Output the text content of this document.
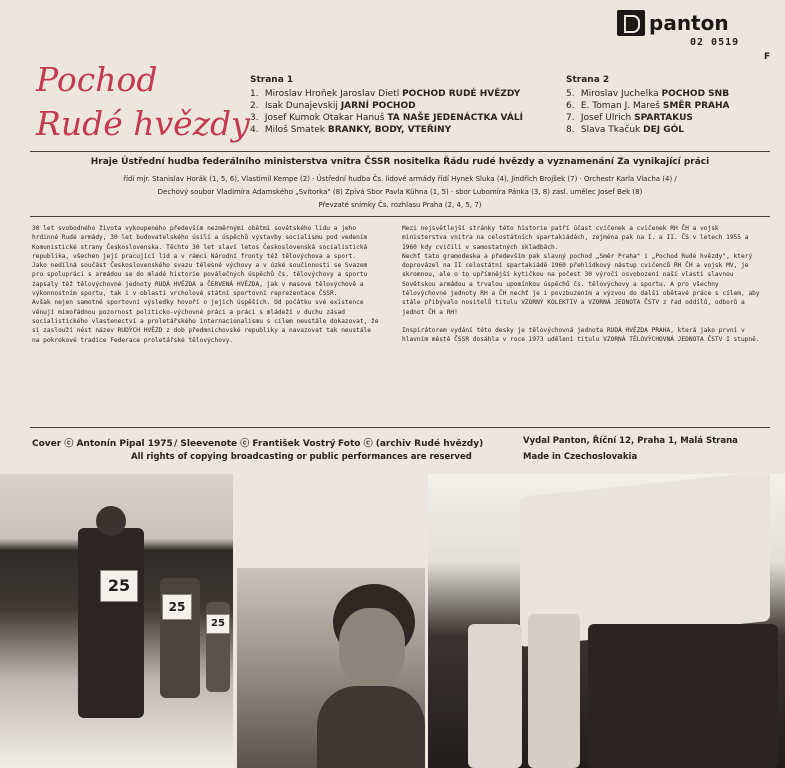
panton
02 0519
F
Pochod
Rudé hvězdy
Strana 1
1. Miroslav Hroňek Jaroslav Dietl POCHOD RUDÉ HVĚZDY
2. Isak Dunajevskij JARNÍ POCHOD
3. Josef Kumok Otakar Hanuš TA NAŠE JEDENÁCTKA VÁLÍ
4. Miloš Smatek BRANKY, BODY, VTEŘINY
Strana 2
5. Miroslav Juchelka POCHOD SNB
6. E. Toman J. Mareš SMĚR PRAHA
7. Josef Ulrich SPARTAKUS
8. Slava Tkačuk DEJ GÓL
Hraje Ústřední hudba federálního ministerstva vnitra ČSSR nositelka Řádu rudé hvězdy a vyznamenání Za vynikající práci
řídí mjr. Stanislav Horák (1, 5, 6), Vlastimil Kempe (2) · Ústřední hudba Čs. lidové armády řídí Hynek Sluka (4), Jindřich Brojšek (7) · Orchestr Karla Vlacha (4) /
Dechový soubor Vladimíra Adamského „Svitorka" (8) Zpívá Sbor Pavla Kühna (1, 5) · sbor Lubomíra Pánka (3, 8) zasl. umělec Josef Bek (8)
Převzaté snímky Čs. rozhlasu Praha (2, 4, 5, 7)

30 let svobodného života vykoupeného především nezměrnými obětmi sovětského lidu a jeho hrdinné Rudé armády, 30 let budovatelského úsilí a úspěchů výstavby socialismu pod vedením Komunistické strany Československa. Těchto 30 let slaví letos Československá socialistická republika, všechen její pracující lid a v rámci Národní fronty též tělovýchova a sport.

Jako nedílná součást Československého svazu tělesné výchovy a v úzké součinnosti se Svazem pro spolupráci s armádou se do mladé historie poválečných úspěchů čs. tělovýchovy a sportu zapsaly též tělovýchovné jednoty RUDÁ HVĚZDA a ČERVENÁ HVĚZDA, jak v masové tělovýchově a výkonnostním sportu, tak i v oblasti vrcholové státní sportovní reprezentace ČSSR.

Avšak nejen samotné sportovní výsledky hovoří o jejich úspěších. Od počátku své existence věnují mimořádnou pozornost politicko-výchovné práci a práci s mládeží v duchu zásad socialistického vlastenectví a proletářského internacionalismu s cílem neustále dokazovat, že si zaslouží nést název RUDÝCH HVĚZD z dob předmnichovské republiky a navazovat tak neustále na pokrokové tradice Federace proletářské tělovýchovy.

Mezi nejsvětlejší stránky této historie patří účast cvičenek a cvičenek RH ČH a vojsk ministerstva vnitra na celostátních spartakiádách, zejména pak na I. a II. ČS v letech 1955 a 1960 kdy cvičili v samostatných skladbách.

Nechť tato gramodeska a především pak slavný pochod „Směr Praha" i „Pochod Rudé hvězdy", který doprovázel na II celostátní spartakiádě 1960 přehlídkový nástup cvičenců RH ČH a vojsk MV, je skromnou, ale o to upřímnější kytičkou na počest 30 výročí osvobození naší vlasti slavnou Sovětskou armádou a trvalou upomínkou úspěchů čs. tělovýchovy a sportu. A pro všechny tělovýchovné jednoty RH a ČH nechť je i povzbuzením a výzvou do další obětavé práce s cílem, aby stále přibývalo nositelů titulu VZORNÝ KOLEKTIV a VZORNÁ JEDNOTA ČSTV z řad oddílů, odborů a jednot ČH a RH!

Inspirátorem vydání této desky je tělovýchovná jednota RUDÁ HVĚZDA PRAHA, která jako první v hlavním městě ČSSR dosáhla v roce 1973 udělení titulu VZORNÁ TĚLOVÝCHOVNÁ JEDNOTA ČSTV I stupně.

Cover ⓒ Antonín Pipal 1975 / Sleevenote ⓒ František Vostrý Foto ⓒ (archiv Rudé hvězdy)	Vydal Panton, Říční 12, Praha 1, Malá Strana
All rights of copying broadcasting or public performances are reserved	Made in Czechoslovakia
25
25
25
